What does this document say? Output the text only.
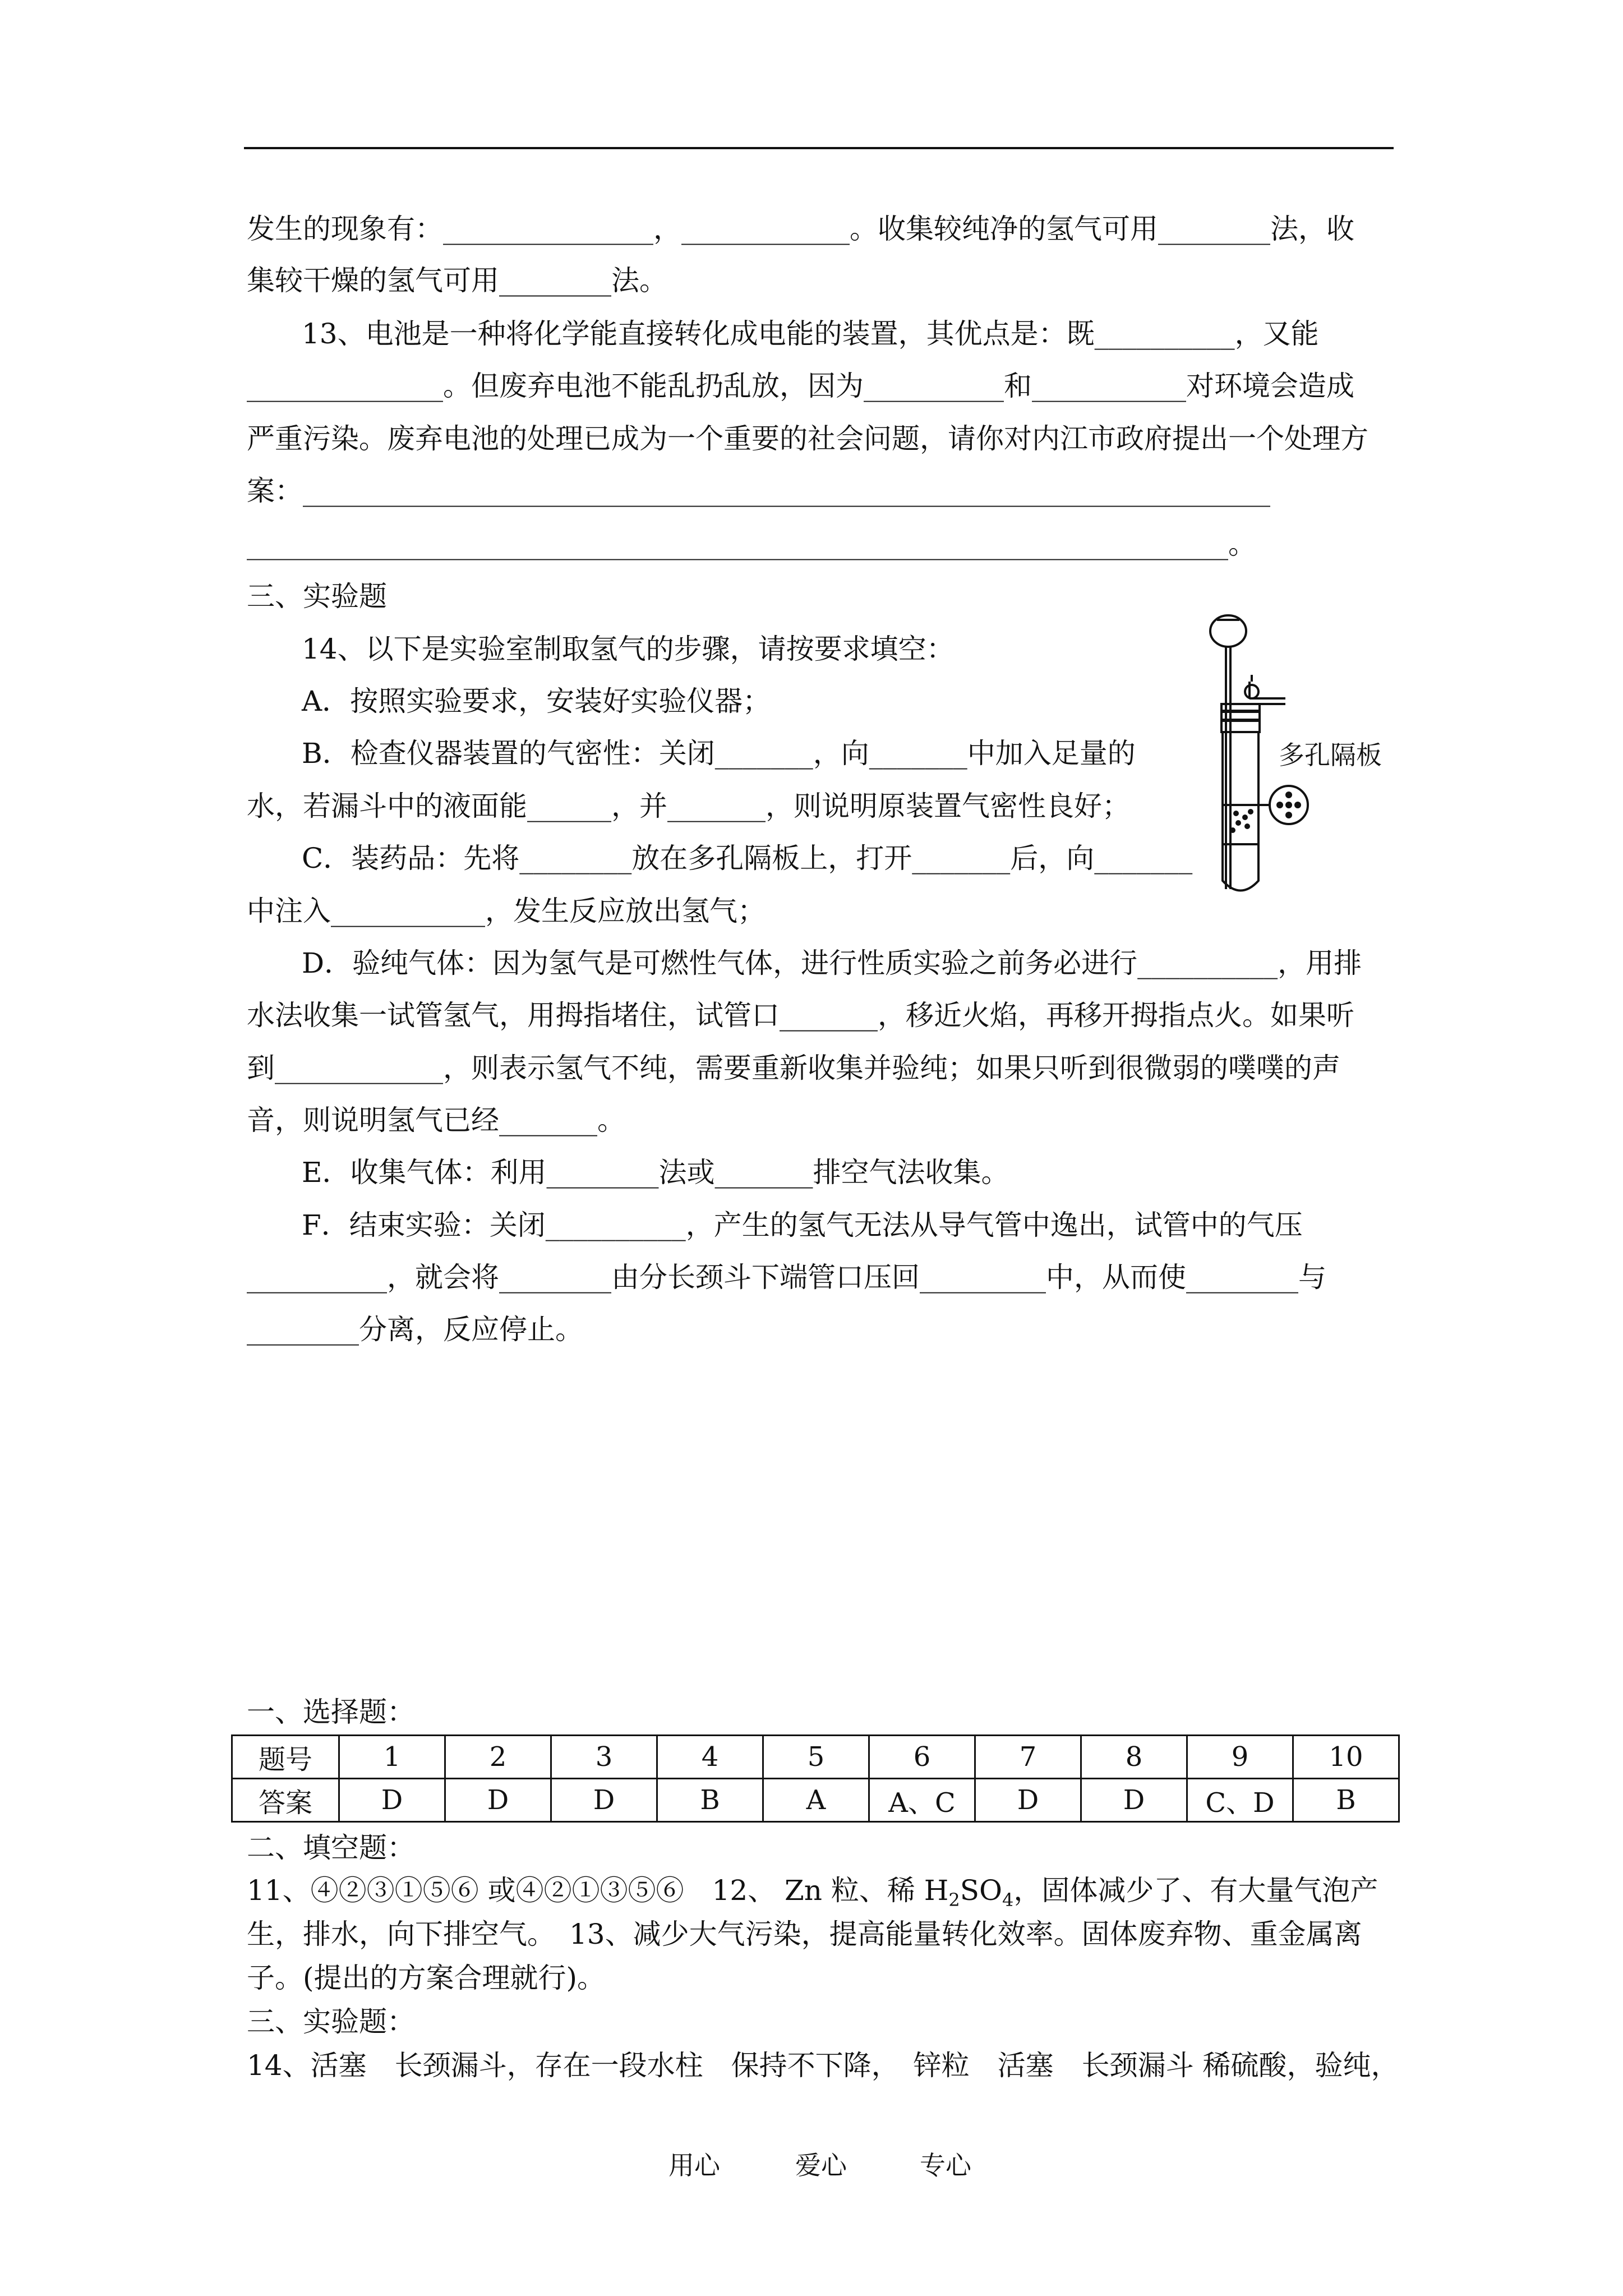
发生的现象有：_______________，____________。收集较纯净的氢气可用________法，收
集较干燥的氢气可用________法。
13、电池是一种将化学能直接转化成电能的装置，其优点是：既__________，又能
______________。但废弃电池不能乱扔乱放，因为__________和___________对环境会造成
严重污染。废弃电池的处理已成为一个重要的社会问题，请你对内江市政府提出一个处理方
案：_____________________________________________________________________
______________________________________________________________________。
三、实验题
14、以下是实验室制取氢气的步骤，请按要求填空：
A．按照实验要求，安装好实验仪器；
B．检查仪器装置的气密性：关闭_______，向_______中加入足量的
水，若漏斗中的液面能______，并_______，则说明原装置气密性良好；
C．装药品：先将________放在多孔隔板上，打开_______后，向_______
中注入___________，发生反应放出氢气；
D．验纯气体：因为氢气是可燃性气体，进行性质实验之前务必进行__________，用排
水法收集一试管氢气，用拇指堵住，试管口_______，移近火焰，再移开拇指点火。如果听
到____________，则表示氢气不纯，需要重新收集并验纯；如果只听到很微弱的噗噗的声
音，则说明氢气已经_______。
E．收集气体：利用________法或_______排空气法收集。
F．结束实验：关闭__________，产生的氢气无法从导气管中逸出，试管中的气压
__________，就会将________由分长颈斗下端管口压回_________中，从而使________与
________分离，反应停止。
多孔隔板
一、选择题：
题号	1	2	3	4	5	6	7	8	9	10
答案	D	D	D	B	A	A、C	D	D	C、D	B
二、填空题：
11、④②③①⑤⑥ 或④②①③⑤⑥　12、 Zn 粒、稀 $H_2SO_4$，固体减少了、有大量气泡产
生，排水，向下排空气。　13、减少大气污染，提高能量转化效率。固体废弃物、重金属离
子。(提出的方案合理就行)。
三、实验题：
14、活塞　长颈漏斗，存在一段水柱　保持不下降，　锌粒　活塞　长颈漏斗 稀硫酸，验纯，
用心	爱心	专心
